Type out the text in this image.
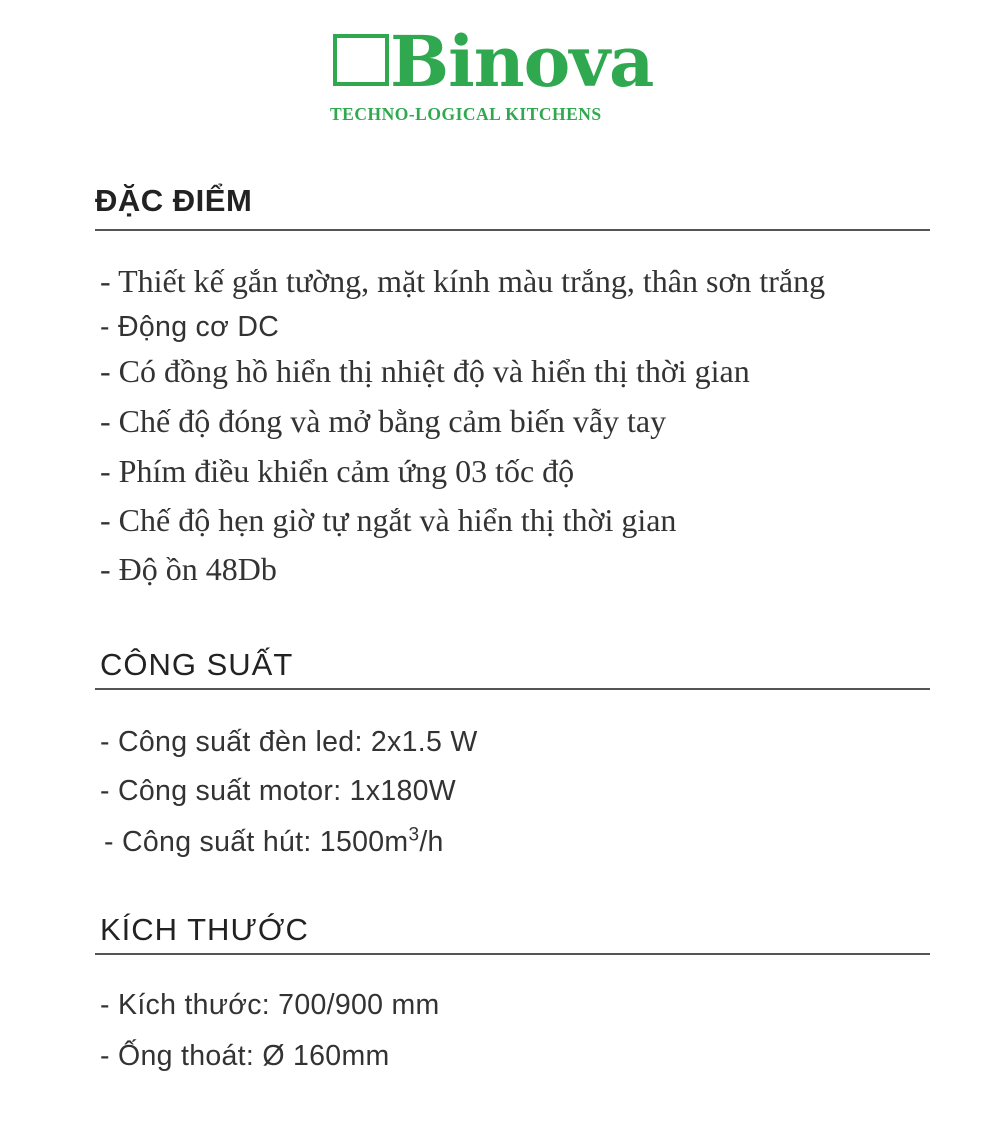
Binova
TECHNO-LOGICAL KITCHENS
ĐẶC ĐIỂM
- Thiết kế gắn tường, mặt kính màu trắng, thân sơn trắng
- Động cơ DC
- Có đồng hồ hiển thị nhiệt độ và hiển thị thời gian
- Chế độ đóng và mở bằng cảm biến vẫy tay
- Phím điều khiển cảm ứng 03 tốc độ
- Chế độ hẹn giờ tự ngắt và hiển thị thời gian
- Độ ồn 48Db
CÔNG SUẤT
- Công suất đèn led: 2x1.5 W
- Công suất motor: 1x180W
- Công suất hút: $1500m^3/h$
KÍCH THƯỚC
- Kích thước: 700/900 mm
- Ống thoát: Ø 160mm
